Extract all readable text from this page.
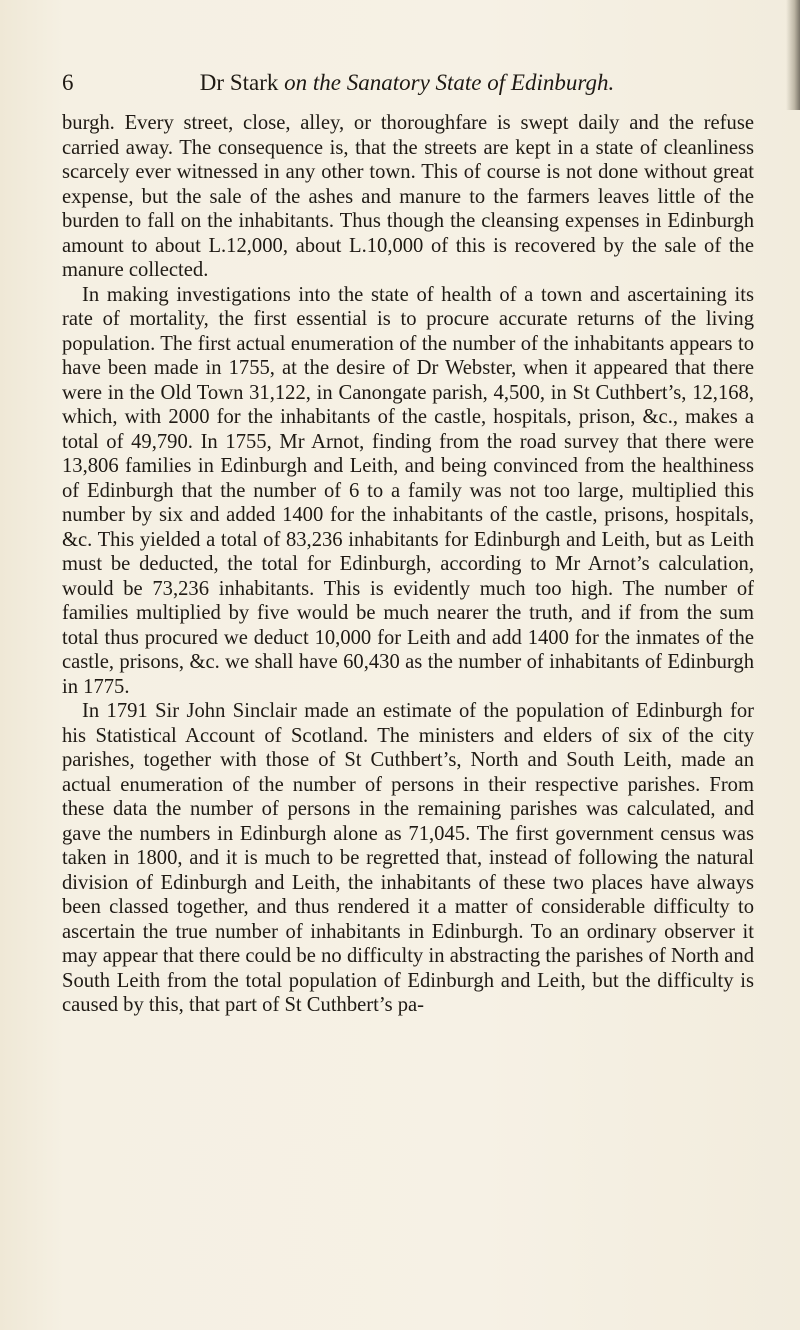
6	Dr Stark on the Sanatory State of Edinburgh.

burgh. Every street, close, alley, or thoroughfare is swept daily and the refuse carried away. The consequence is, that the streets are kept in a state of cleanliness scarcely ever witnessed in any other town. This of course is not done without great expense, but the sale of the ashes and manure to the farmers leaves little of the burden to fall on the inhabitants. Thus though the cleansing expenses in Edinburgh amount to about L.12,000, about L.10,000 of this is recovered by the sale of the manure collected.

In making investigations into the state of health of a town and ascertaining its rate of mortality, the first essential is to procure accurate returns of the living population. The first actual enumeration of the number of the inhabitants appears to have been made in 1755, at the desire of Dr Webster, when it appeared that there were in the Old Town 31,122, in Canongate parish, 4,500, in St Cuthbert’s, 12,168, which, with 2000 for the inhabitants of the castle, hospitals, prison, &c., makes a total of 49,790. In 1755, Mr Arnot, finding from the road survey that there were 13,806 families in Edinburgh and Leith, and being convinced from the healthiness of Edinburgh that the number of 6 to a family was not too large, multiplied this number by six and added 1400 for the inhabitants of the castle, prisons, hospitals, &c. This yielded a total of 83,236 inhabitants for Edinburgh and Leith, but as Leith must be deducted, the total for Edinburgh, according to Mr Arnot’s calculation, would be 73,236 inhabitants. This is evidently much too high. The number of families multiplied by five would be much nearer the truth, and if from the sum total thus procured we deduct 10,000 for Leith and add 1400 for the inmates of the castle, prisons, &c. we shall have 60,430 as the number of inhabitants of Edinburgh in 1775.

In 1791 Sir John Sinclair made an estimate of the population of Edinburgh for his Statistical Account of Scotland. The ministers and elders of six of the city parishes, together with those of St Cuthbert’s, North and South Leith, made an actual enumeration of the number of persons in their respective parishes. From these data the number of persons in the remaining parishes was calculated, and gave the numbers in Edinburgh alone as 71,045. The first government census was taken in 1800, and it is much to be regretted that, instead of following the natural division of Edinburgh and Leith, the inhabitants of these two places have always been classed together, and thus rendered it a matter of considerable difficulty to ascertain the true number of inhabitants in Edinburgh. To an ordinary observer it may appear that there could be no difficulty in abstracting the parishes of North and South Leith from the total population of Edinburgh and Leith, but the difficulty is caused by this, that part of St Cuthbert’s pa-
